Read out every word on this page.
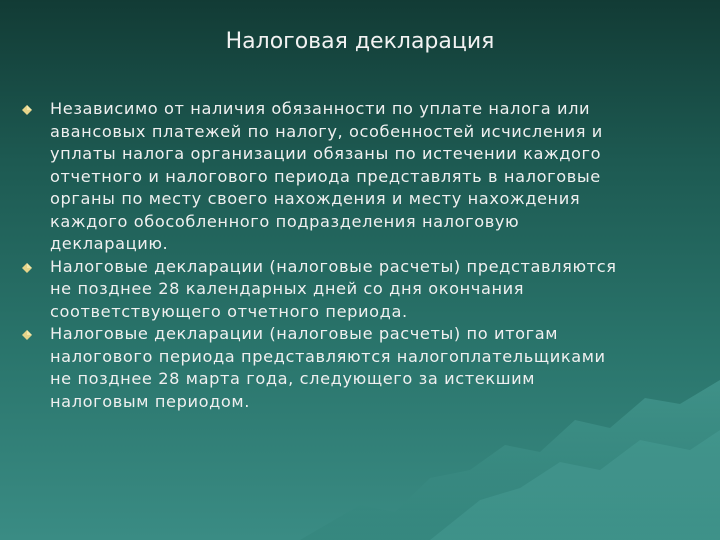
Налоговая декларация
Независимо от наличия обязанности по уплате налога или
авансовых платежей по налогу, особенностей исчисления и
уплаты налога организации обязаны по истечении каждого
отчетного и налогового периода представлять в налоговые
органы по месту своего нахождения и месту нахождения
каждого обособленного подразделения налоговую
декларацию.
Налоговые декларации (налоговые расчеты) представляются
не позднее 28 календарных дней со дня окончания
соответствующего отчетного периода.
Налоговые декларации (налоговые расчеты) по итогам
налогового периода представляются налогоплательщиками
не позднее 28 марта года, следующего за истекшим
налоговым периодом.
